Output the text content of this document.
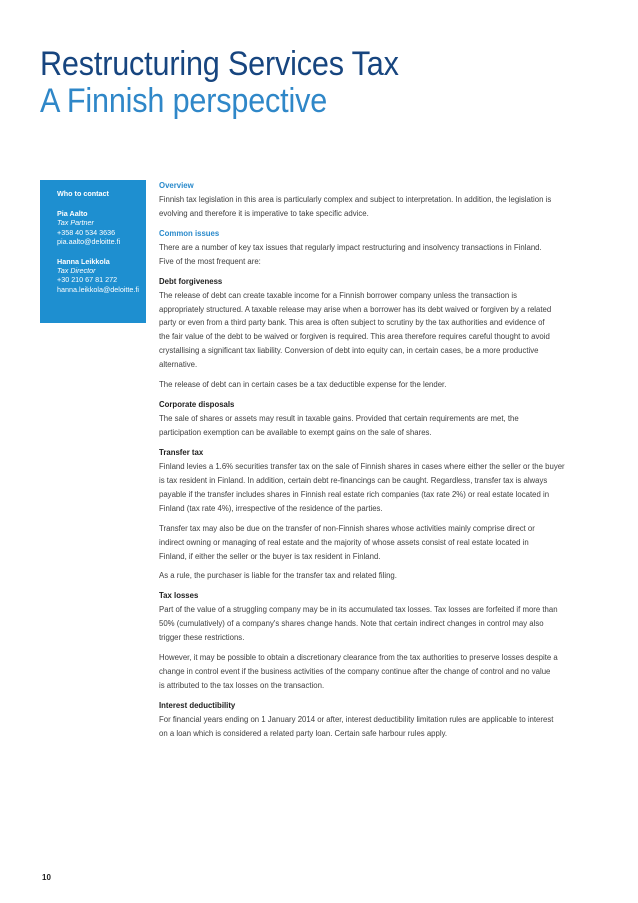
Restructuring Services Tax
A Finnish perspective
Who to contact
Pia Aalto
Tax Partner
+358 40 534 3636
pia.aalto@deloitte.fi
Hanna Leikkola
Tax Director
+30 210 67 81 272
hanna.leikkola@deloitte.fi
Overview

Finnish tax legislation in this area is particularly complex and subject to interpretation. In addition, the legislation is
evolving and therefore it is imperative to take specific advice.

Common issues

There are a number of key tax issues that regularly impact restructuring and insolvency transactions in Finland.
Five of the most frequent are:

Debt forgiveness

The release of debt can create taxable income for a Finnish borrower company unless the transaction is
appropriately structured. A taxable release may arise when a borrower has its debt waived or forgiven by a related
party or even from a third party bank. This area is often subject to scrutiny by the tax authorities and evidence of
the fair value of the debt to be waived or forgiven is required. This area therefore requires careful thought to avoid
crystallising a significant tax liability. Conversion of debt into equity can, in certain cases, be a more productive
alternative.

The release of debt can in certain cases be a tax deductible expense for the lender.

Corporate disposals

The sale of shares or assets may result in taxable gains. Provided that certain requirements are met, the
participation exemption can be available to exempt gains on the sale of shares.

Transfer tax

Finland levies a 1.6% securities transfer tax on the sale of Finnish shares in cases where either the seller or the buyer
is tax resident in Finland. In addition, certain debt re-financings can be caught. Regardless, transfer tax is always
payable if the transfer includes shares in Finnish real estate rich companies (tax rate 2%) or real estate located in
Finland (tax rate 4%), irrespective of the residence of the parties.

Transfer tax may also be due on the transfer of non-Finnish shares whose activities mainly comprise direct or
indirect owning or managing of real estate and the majority of whose assets consist of real estate located in
Finland, if either the seller or the buyer is tax resident in Finland.

As a rule, the purchaser is liable for the transfer tax and related filing.

Tax losses

Part of the value of a struggling company may be in its accumulated tax losses. Tax losses are forfeited if more than
50% (cumulatively) of a company's shares change hands. Note that certain indirect changes in control may also
trigger these restrictions.

However, it may be possible to obtain a discretionary clearance from the tax authorities to preserve losses despite a
change in control event if the business activities of the company continue after the change of control and no value
is attributed to the tax losses on the transaction.

Interest deductibility

For financial years ending on 1 January 2014 or after, interest deductibility limitation rules are applicable to interest
on a loan which is considered a related party loan. Certain safe harbour rules apply.

10
